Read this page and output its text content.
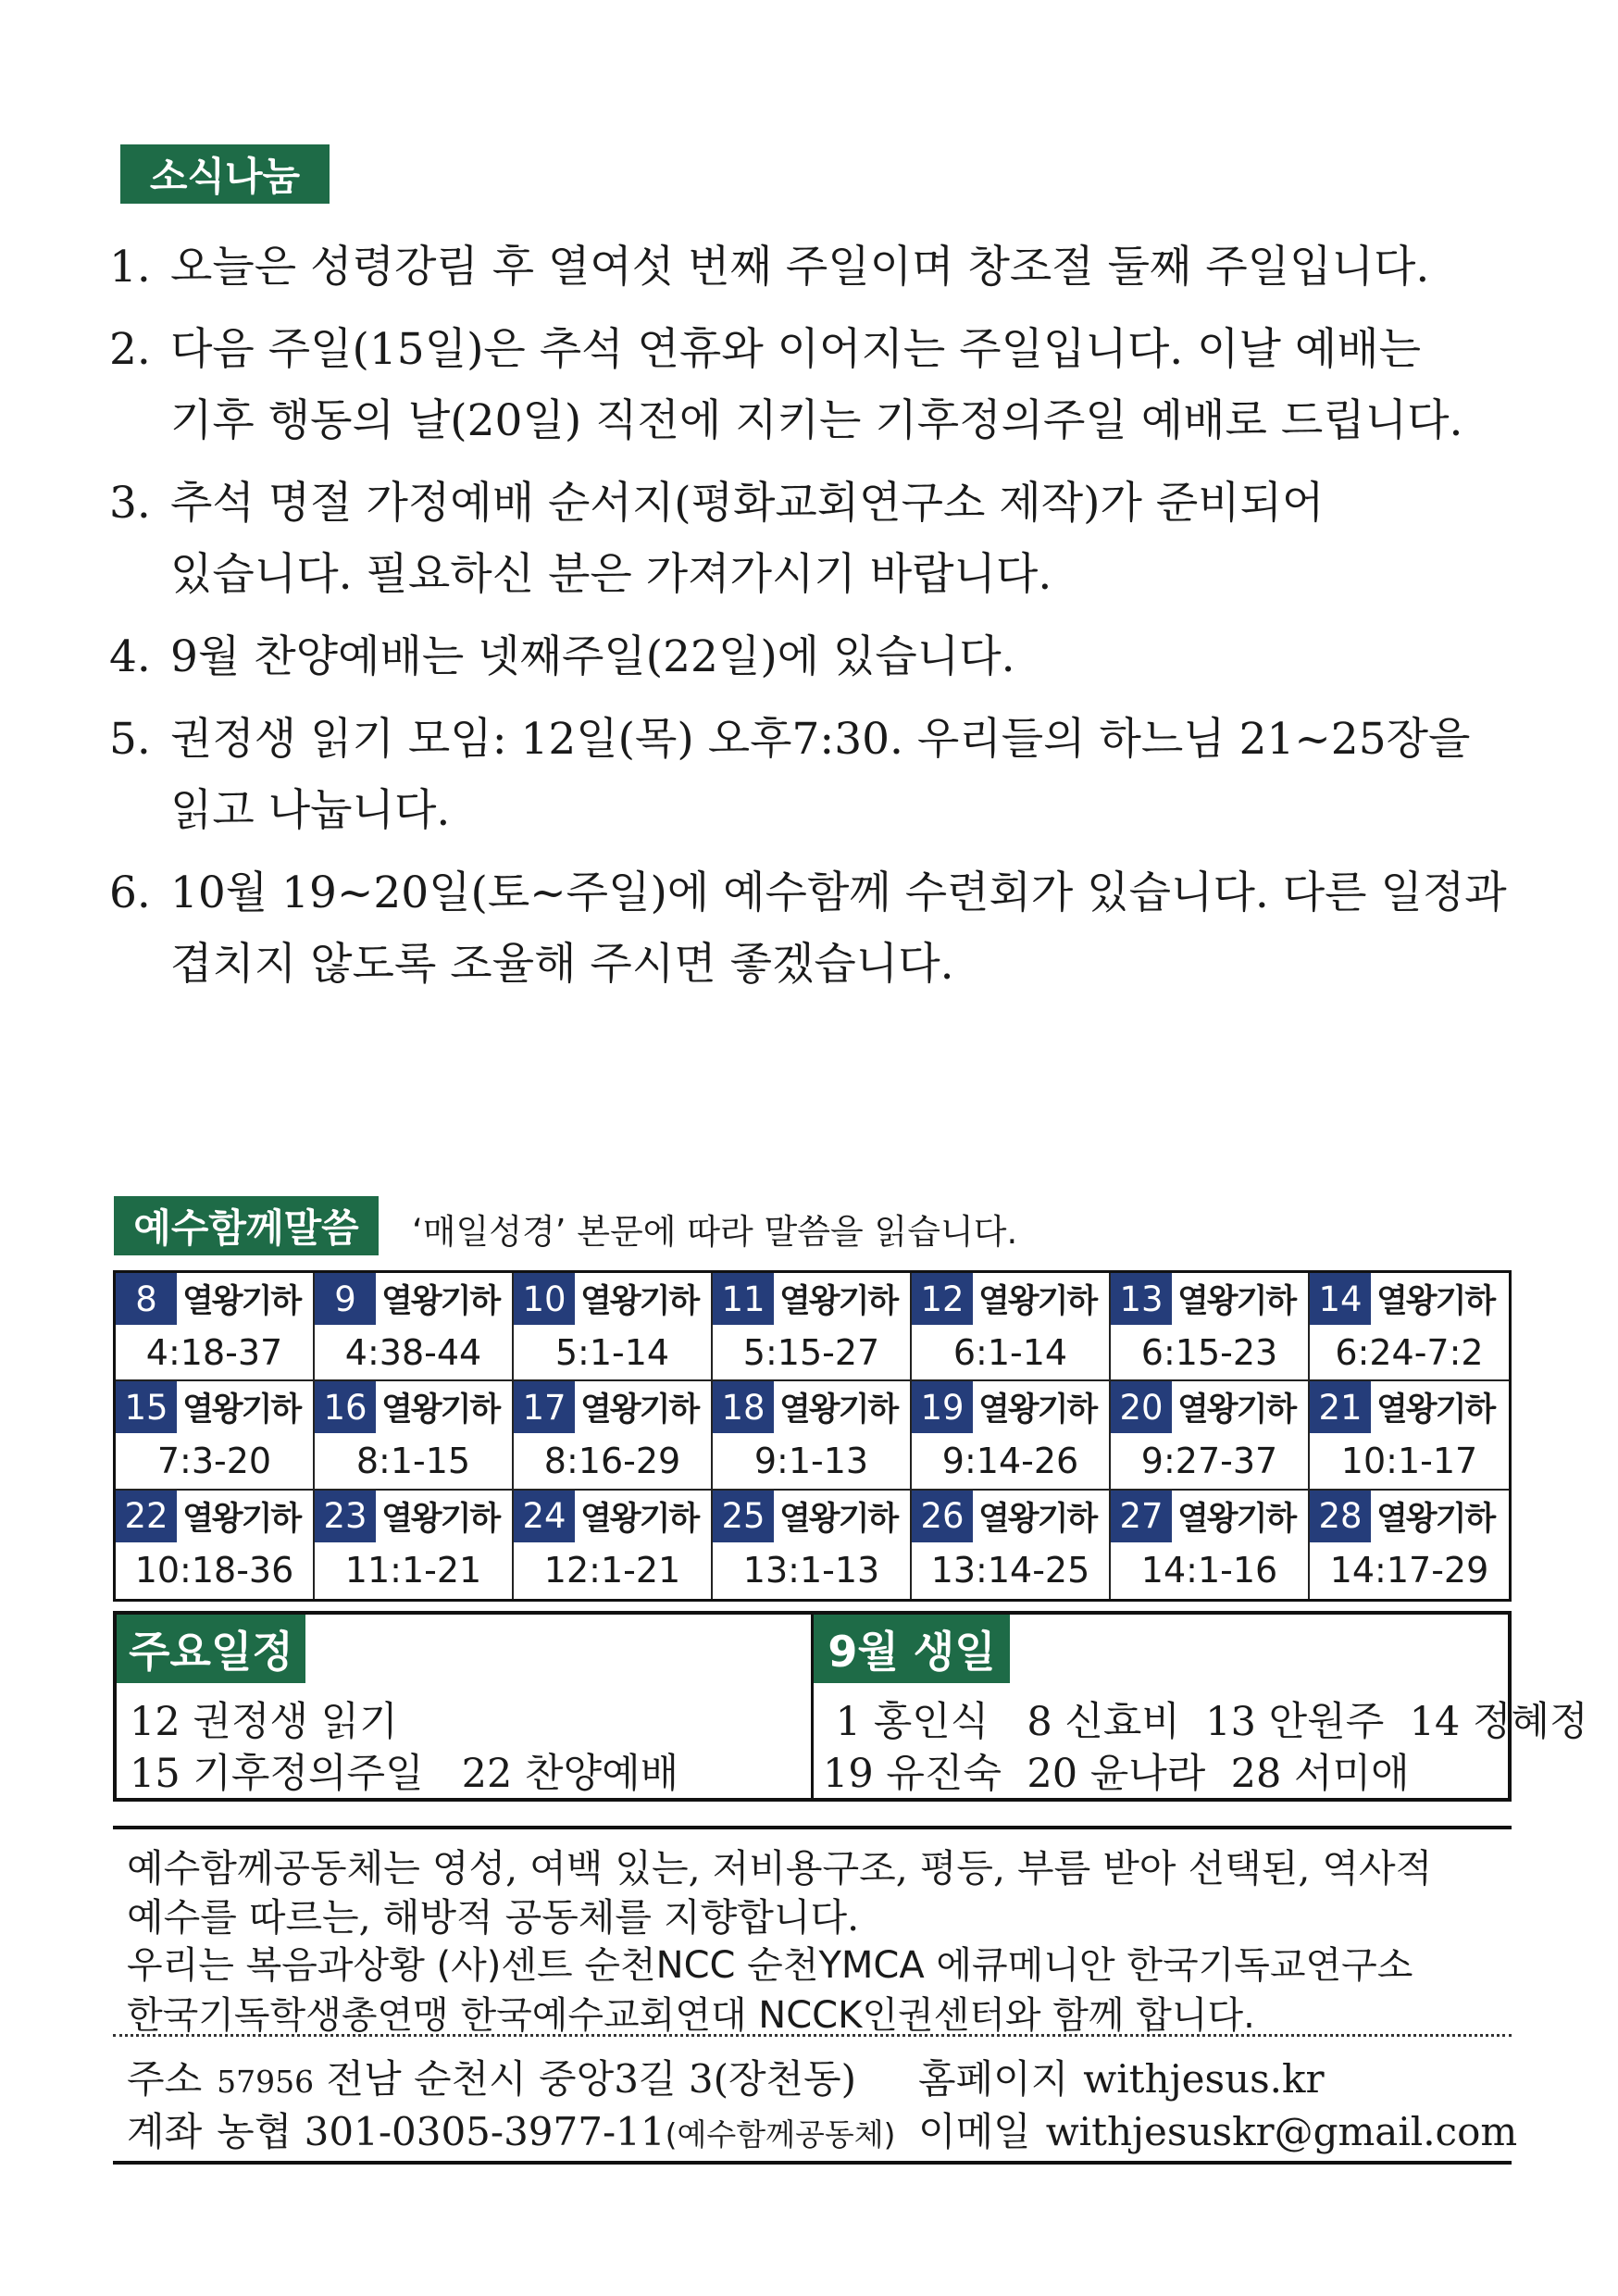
소식나눔
1. 오늘은 성령강림 후 열여섯 번째 주일이며 창조절 둘째 주일입니다.
2. 다음 주일(15일)은 추석 연휴와 이어지는 주일입니다. 이날 예배는
기후 행동의 날(20일) 직전에 지키는 기후정의주일 예배로 드립니다.
3. 추석 명절 가정예배 순서지(평화교회연구소 제작)가 준비되어
있습니다. 필요하신 분은 가져가시기 바랍니다.
4. 9월 찬양예배는 넷째주일(22일)에 있습니다.
5. 권정생 읽기 모임: 12일(목) 오후7:30. 우리들의 하느님 21~25장을
읽고 나눕니다.
6. 10월 19~20일(토~주일)에 예수함께 수련회가 있습니다. 다른 일정과
겹치지 않도록 조율해 주시면 좋겠습니다.
예수함께말씀	‘매일성경’ 본문에 따라 말씀을 읽습니다.
8 열왕기하
4:18-37
9 열왕기하
4:38-44
10 열왕기하
5:1-14
11 열왕기하
5:15-27
12 열왕기하
6:1-14
13 열왕기하
6:15-23
14 열왕기하
6:24-7:2
15 열왕기하
7:3-20
16 열왕기하
8:1-15
17 열왕기하
8:16-29
18 열왕기하
9:1-13
19 열왕기하
9:14-26
20 열왕기하
9:27-37
21 열왕기하
10:1-17
22 열왕기하
10:18-36
23 열왕기하
11:1-21
24 열왕기하
12:1-21
25 열왕기하
13:1-13
26 열왕기하
13:14-25
27 열왕기하
14:1-16
28 열왕기하
14:17-29
주요일정
12 권정생 읽기
15 기후정의주일   22 찬양예배
9월 생일
1 홍인식   8 신효비  13 안원주  14 정혜정
19 유진숙  20 윤나라  28 서미애
예수함께공동체는 영성, 여백 있는, 저비용구조, 평등, 부름 받아 선택된, 역사적
예수를 따르는, 해방적 공동체를 지향합니다.
우리는 복음과상황 (사)센트 순천NCC 순천YMCA 에큐메니안 한국기독교연구소
한국기독학생총연맹 한국예수교회연대 NCCK인권센터와 함께 합니다.
주소 57956 전남 순천시 중앙3길 3(장천동) 홈페이지 withjesus.kr
계좌 농협 301-0305-3977-11(예수함께공동체) 이메일 withjesuskr@gmail.com
